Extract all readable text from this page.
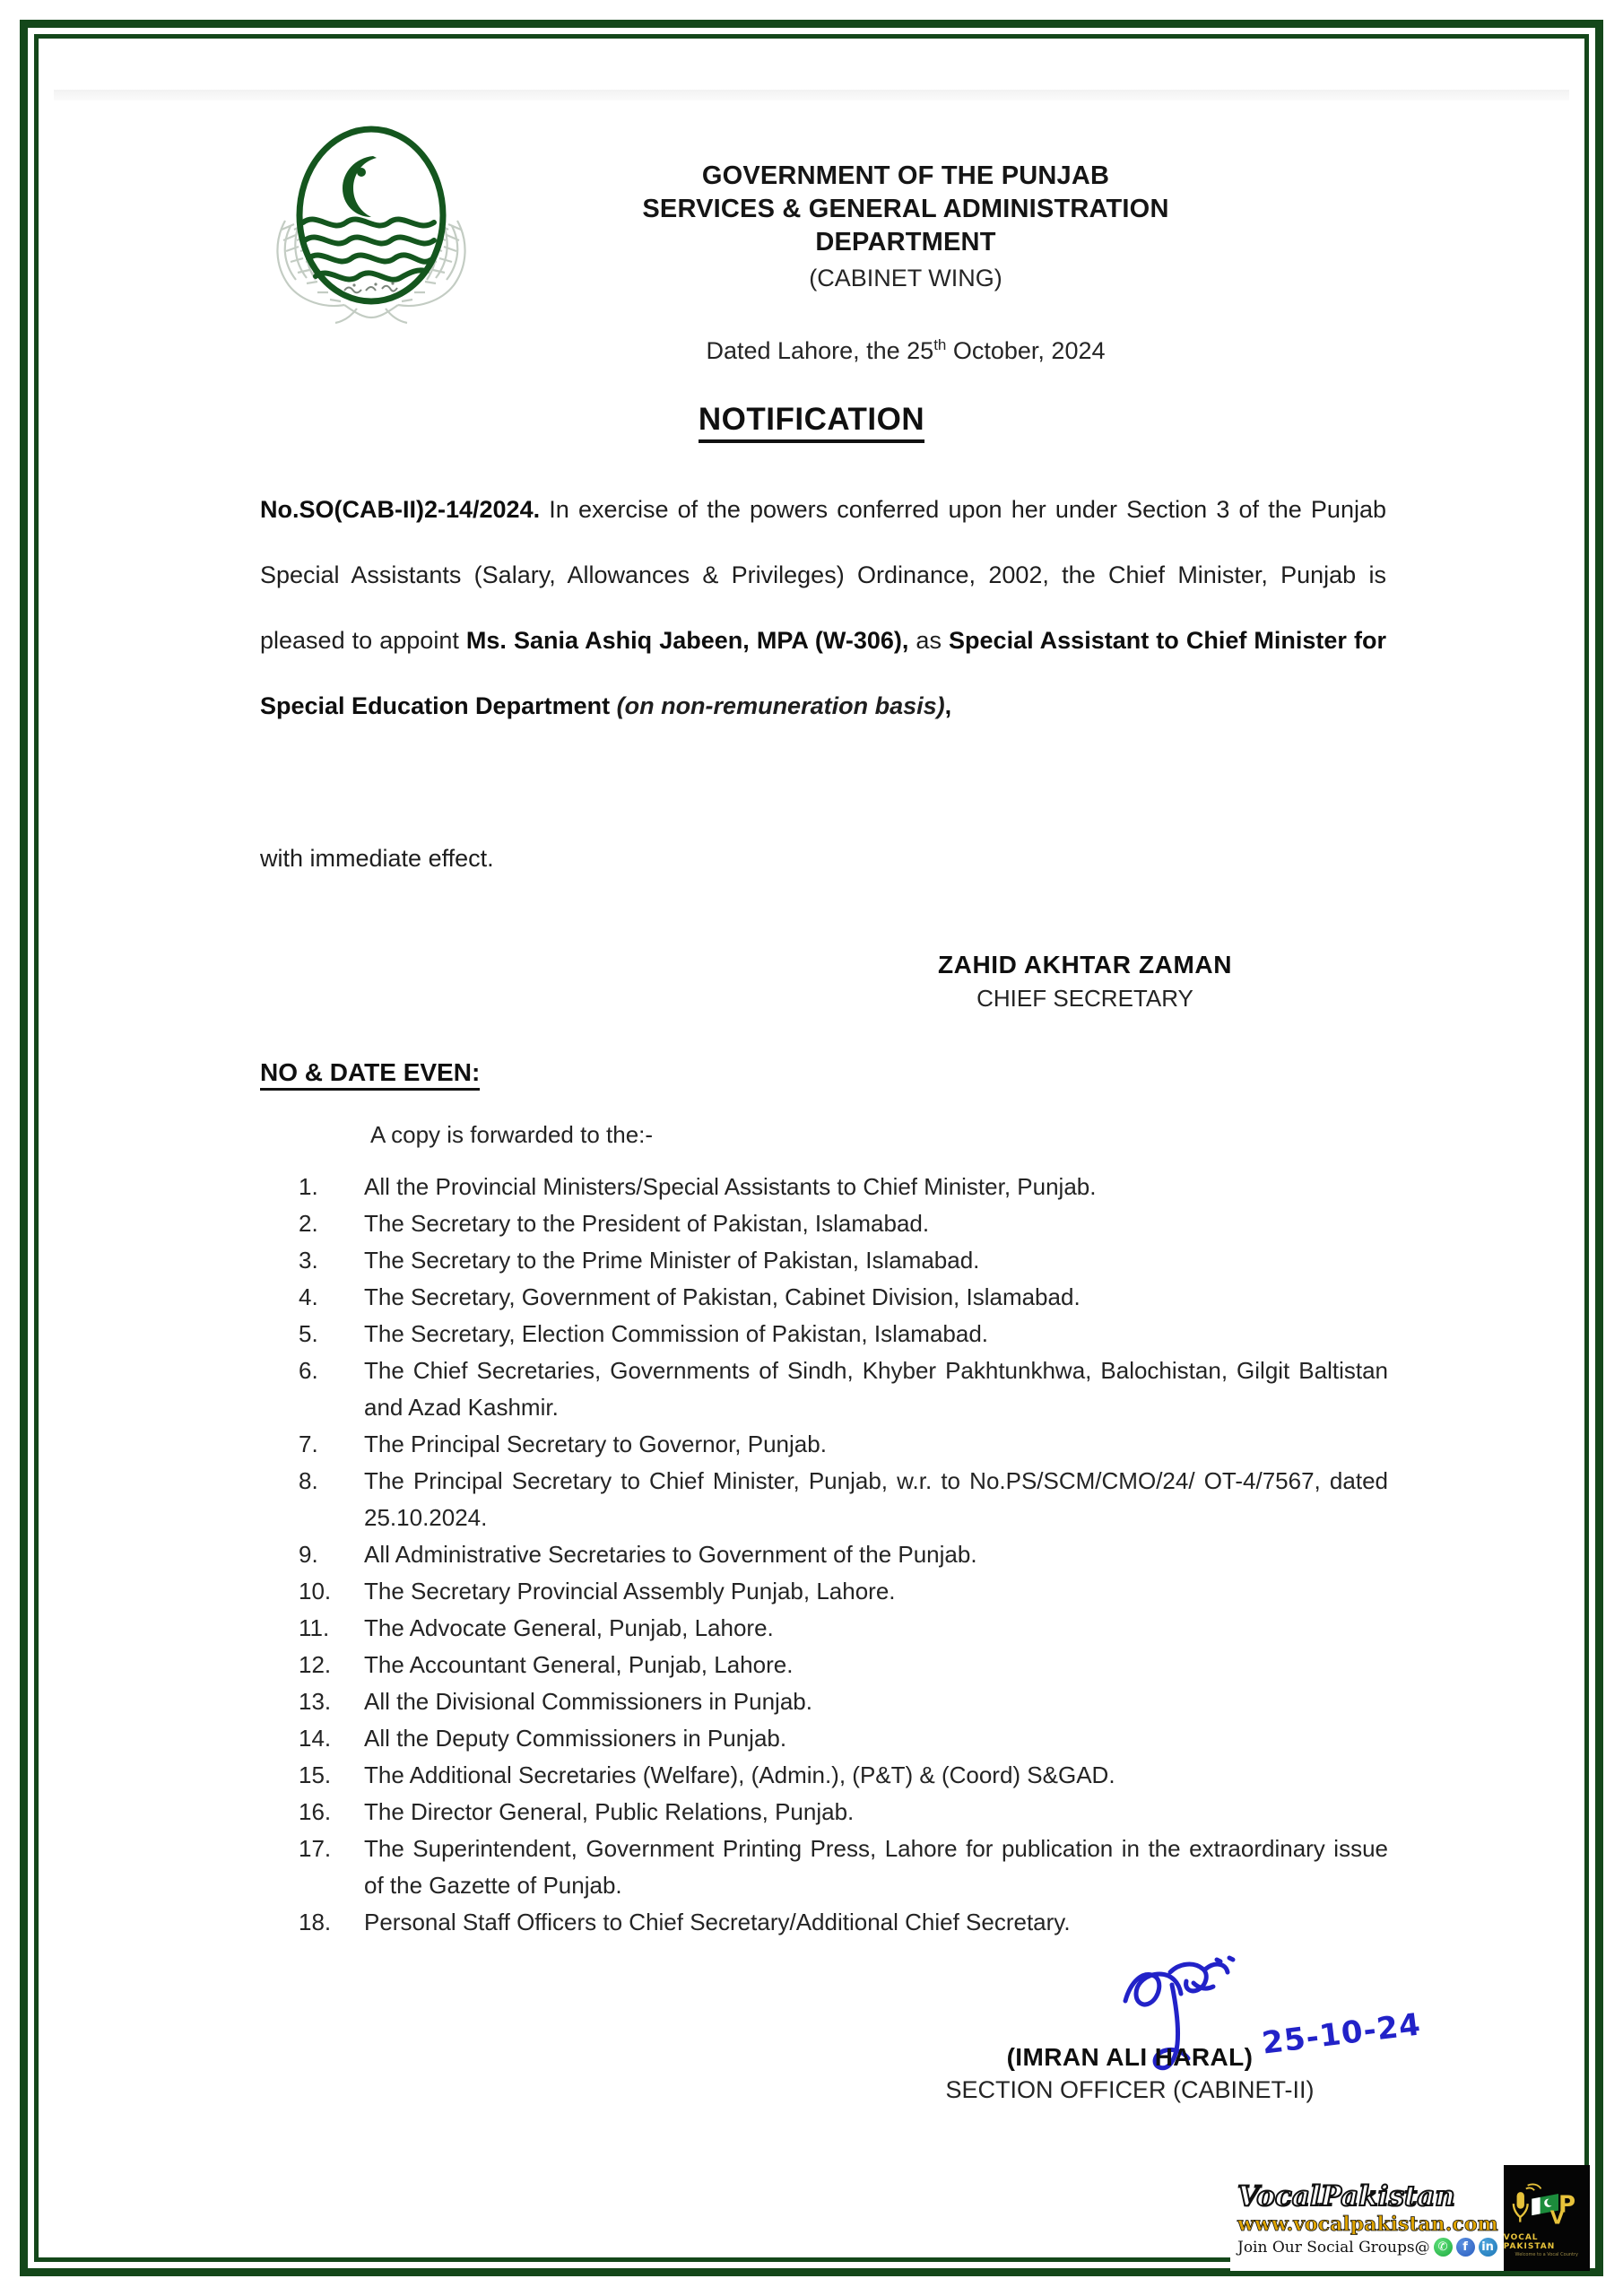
GOVERNMENT OF THE PUNJAB
SERVICES & GENERAL ADMINISTRATION
DEPARTMENT
(CABINET WING)
Dated Lahore, the 25th October, 2024
NOTIFICATION
No.SO(CAB-II)2-14/2024. In exercise of the powers conferred upon her under Section 3 of the Punjab Special Assistants (Salary, Allowances & Privileges) Ordinance, 2002, the Chief Minister, Punjab is pleased to appoint Ms. Sania Ashiq Jabeen, MPA (W-306), as Special Assistant to Chief Minister for Special Education Department (on non-remuneration basis),
with immediate effect.
ZAHID AKHTAR ZAMAN
CHIEF SECRETARY
NO & DATE EVEN:
A copy is forwarded to the:-
1.	All the Provincial Ministers/Special Assistants to Chief Minister, Punjab.
2.	The Secretary to the President of Pakistan, Islamabad.
3.	The Secretary to the Prime Minister of Pakistan, Islamabad.
4.	The Secretary, Government of Pakistan, Cabinet Division, Islamabad.
5.	The Secretary, Election Commission of Pakistan, Islamabad.
6.	The Chief Secretaries, Governments of Sindh, Khyber Pakhtunkhwa, Balochistan, Gilgit Baltistan and Azad Kashmir.
7.	The Principal Secretary to Governor, Punjab.
8.	The Principal Secretary to Chief Minister, Punjab, w.r. to No.PS/SCM/CMO/24/ OT-4/7567, dated 25.10.2024.
9.	All Administrative Secretaries to Government of the Punjab.
10.	The Secretary Provincial Assembly Punjab, Lahore.
11.	The Advocate General, Punjab, Lahore.
12.	The Accountant General, Punjab, Lahore.
13.	All the Divisional Commissioners in Punjab.
14.	All the Deputy Commissioners in Punjab.
15.	The Additional Secretaries (Welfare), (Admin.), (P&T) & (Coord) S&GAD.
16.	The Director General, Public Relations, Punjab.
17.	The Superintendent, Government Printing Press, Lahore for publication in the extraordinary issue of the Gazette of Punjab.
18.	Personal Staff Officers to Chief Secretary/Additional Chief Secretary.
25-10-24
(IMRAN ALI HARAL)
SECTION OFFICER (CABINET-II)
VocalPakistan
www.vocalpakistan.com
Join Our Social Groups@ ✆	f	in
P
V
VOCAL PAKISTAN
Welcome to a Vocal Country
